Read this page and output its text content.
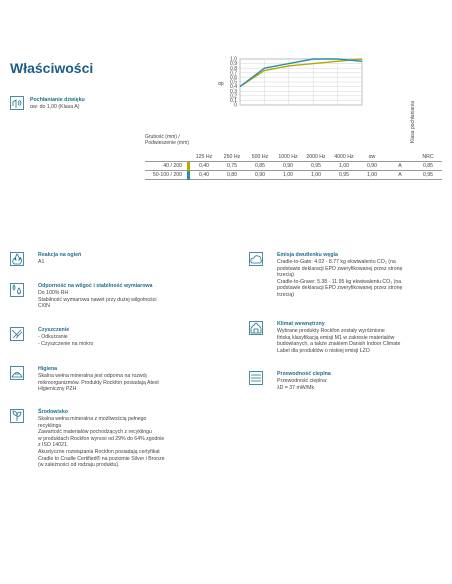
Właściwości
Pochłanianie dźwięku
αw: do 1,00 (Klasa A)	0
0,1
0,2
0,3
0,4
0,5
0,6
0,7
0,8
0,9
1,0
αp
Klasa pochłaniania
Grubość (mm) /
Podwieszenie (mm)
125 Hz	250 Hz	500 Hz	1000 Hz	2000 Hz	4000 Hz	αw	NRC
40 / 200	0,40	0,75	0,85	0,90	0,95	1,00	0,90	A	0,85
50-100 / 200	0,40	0,80	0,90	1,00	1,00	0,95	1,00	A	0,95
Reakcja na ogień
A1
Odporność na wilgoć i stabilność wymiarowa
Do 100% RH
Stabilność wymiarowa nawet przy dużej wilgotności
C/0N
Czyszczenie
- Odkurzanie
- Czyszczenie na mokro
Higiena
Skalna wełna mineralna jest odporna na rozwój
mikroorganizmów. Produkty Rockfon posiadają Atest
Higieniczny PZH
Środowisko
Skalna wełna mineralna z możliwością pełnego
recyklingu
Zawartość materiałów pochodzących z recyklingu
w produktach Rockfon wynosi od 29% do 64% zgodnie
z ISO 14021.
Akustyczne rozwiązania Rockfon posiadają certyfikat
Cradle to Cradle Certified® na poziomie Silver i Bronze
(w zależności od rodzaju produktu).
Emisja dwutlenku węgla
Cradle-to-Gate: 4.02 - 8.77 kg ekwiwalentu CO₂ (na
podstawie deklaracji EPD zweryfikowanej przez stronę
trzecią)
Cradle-to-Grave: 5.38 - 11.95 kg ekwiwalentu CO₂ (na
podstawie deklaracji EPD zweryfikowanej przez stronę
trzecią)
Klimat wewnętrzny
Wybrane produkty Rockfon zostały wyróżnione
fińską klasyfikacją emisji M1 w zakresie materiałów
budowlanych, a także znakiem Danish Indoor Climate
Label dla produktów o niskiej emisji LZO
Przewodność cieplna
Przewodność cieplna:
λD = 37 mW/Mk
